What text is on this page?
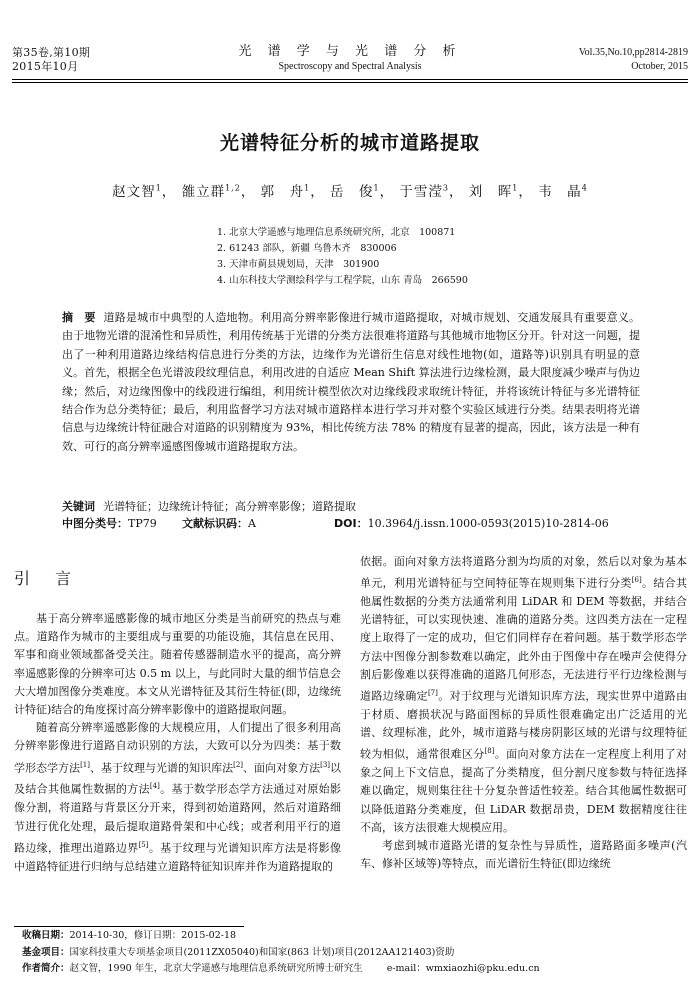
第35卷,第10期
2015年10月
光 谱 学 与 光 谱 分 析
Spectroscopy and Spectral Analysis
Vol.35,No.10,pp2814-2819
October, 2015
光谱特征分析的城市道路提取
赵文智$^1$， 雒立群$^{1,2}$， 郭　舟$^1$， 岳　俊$^1$， 于雪滢$^3$， 刘　晖$^1$， 韦　晶$^4$
1. 北京大学遥感与地理信息系统研究所，北京　100871
2. 61243 部队，新疆 乌鲁木齐　830006
3. 天津市蓟县规划局，天津　301900
4. 山东科技大学测绘科学与工程学院，山东 青岛　266590
摘　要 道路是城市中典型的人造地物。利用高分辨率影像进行城市道路提取，对城市规划、交通发展具有重要意义。由于地物光谱的混淆性和异质性，利用传统基于光谱的分类方法很难将道路与其他城市地物区分开。针对这一问题，提出了一种利用道路边缘结构信息进行分类的方法，边缘作为光谱衍生信息对线性地物(如，道路等)识别具有明显的意义。首先，根据全色光谱波段纹理信息，利用改进的自适应 Mean Shift 算法进行边缘检测，最大限度减少噪声与伪边缘；然后，对边缘图像中的线段进行编组，利用统计模型依次对边缘线段求取统计特征，并将该统计特征与多光谱特征结合作为总分类特征；最后，利用监督学习方法对城市道路样本进行学习并对整个实验区域进行分类。结果表明将光谱信息与边缘统计特征融合对道路的识别精度为 93%，相比传统方法 78% 的精度有显著的提高，因此，该方法是一种有效、可行的高分辨率遥感图像城市道路提取方法。
关键词 光谱特征；边缘统计特征；高分辨率影像；道路提取
中图分类号：TP79 文献标识码：A	DOI：10.3964/j.issn.1000-0593(2015)10-2814-06
引 言

基于高分辨率遥感影像的城市地区分类是当前研究的热点与难点。道路作为城市的主要组成与重要的功能设施，其信息在民用、军事和商业领域都备受关注。随着传感器制造水平的提高，高分辨率遥感影像的分辨率可达 0.5 m 以上，与此同时大量的细节信息会大大增加图像分类难度。本文从光谱特征及其衍生特征(即，边缘统计特征)结合的角度探讨高分辨率影像中的道路提取问题。

随着高分辨率遥感影像的大规模应用，人们提出了很多利用高分辨率影像进行道路自动识别的方法，大致可以分为四类：基于数学形态学方法[1]、基于纹理与光谱的知识库法[2]、面向对象方法[3]以及结合其他属性数据的方法[4]。基于数学形态学方法通过对原始影像分割，将道路与背景区分开来，得到初始道路网，然后对道路细节进行优化处理，最后提取道路骨架和中心线；或者利用平行的道路边缘，推理出道路边界[5]。基于纹理与光谱知识库方法是将影像中道路特征进行归纳与总结建立道路特征知识库并作为道路提取的

依据。面向对象方法将道路分割为均质的对象，然后以对象为基本单元，利用光谱特征与空间特征等在规则集下进行分类[6]。结合其他属性数据的分类方法通常利用 LiDAR 和 DEM 等数据，并结合光谱特征，可以实现快速、准确的道路分类。这四类方法在一定程度上取得了一定的成功，但它们同样存在着问题。基于数学形态学方法中图像分割参数难以确定，此外由于图像中存在噪声会使得分割后影像难以获得准确的道路几何形态，无法进行平行边缘检测与道路边缘确定[7]。对于纹理与光谱知识库方法，现实世界中道路由于材质、磨损状况与路面图标的异质性很难确定出广泛适用的光谱、纹理标准，此外，城市道路与楼房阴影区域的光谱与纹理特征较为相似，通常很难区分[8]。面向对象方法在一定程度上利用了对象之间上下文信息，提高了分类精度，但分割尺度参数与特征选择难以确定，规则集往往十分复杂普适性较差。结合其他属性数据可以降低道路分类难度，但 LiDAR 数据昂贵，DEM 数据精度往往不高，该方法很难大规模应用。

考虑到城市道路光谱的复杂性与异质性，道路路面多噪声(汽车、修补区域等)等特点，而光谱衍生特征(即边缘统

收稿日期：2014-10-30，修订日期：2015-02-18
基金项目：国家科技重大专项基金项目(2011ZX05040)和国家(863 计划)项目(2012AA121403)资助
作者简介：赵文智，1990 年生，北京大学遥感与地理信息系统研究所博士研究生	e-mail：wmxiaozhi@pku.edu.cn
